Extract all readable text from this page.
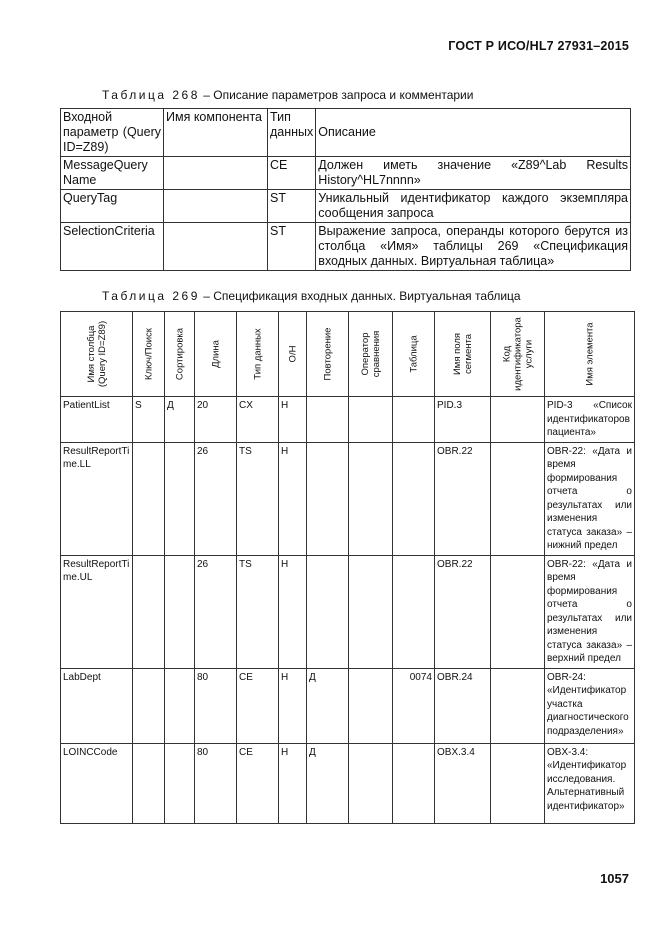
ГОСТ Р ИСО/HL7 27931–2015
Таблица 268 – Описание параметров запроса и комментарии
Входной параметр (Query ID=Z89)	Имя компонента	Тип данных	Описание
MessageQuery Name		CE	Должен иметь значение «Z89^Lab Results History^HL7nnnn»
QueryTag		ST	Уникальный идентификатор каждого экземпляра сообщения запроса
SelectionCriteria		ST	Выражение запроса, операнды которого берутся из столбца «Имя» таблицы 269 «Спецификация входных данных. Виртуальная таблица»
Таблица 269 – Спецификация входных данных. Виртуальная таблица
Имя столбца (Query ID=Z89)	Ключ/Поиск	Сортировка	Длина	Тип данных	О/Н	Повторение	Оператор сравнения	Таблица	Имя поля сегмента	Код идентификатора услуги	Имя элемента

PatientList	S	Д	20	CX	Н				PID.3		PID-3 «Список идентификаторов пациента»
ResultReportTime.LL			26	TS	Н				OBR.22		OBR-22: «Дата и время формирования отчета о результатах или изменения статуса заказа» – нижний предел
ResultReportTime.UL			26	TS	Н				OBR.22		OBR-22: «Дата и время формирования отчета о результатах или изменения статуса заказа» – верхний предел
LabDept			80	CE	Н	Д		0074	OBR.24		OBR-24: «Идентификатор участка диагностического подразделения»
LOINCCode			80	CE	Н	Д			OBX.3.4		OBX-3.4: «Идентификатор исследования. Альтернативный идентификатор»
1057
